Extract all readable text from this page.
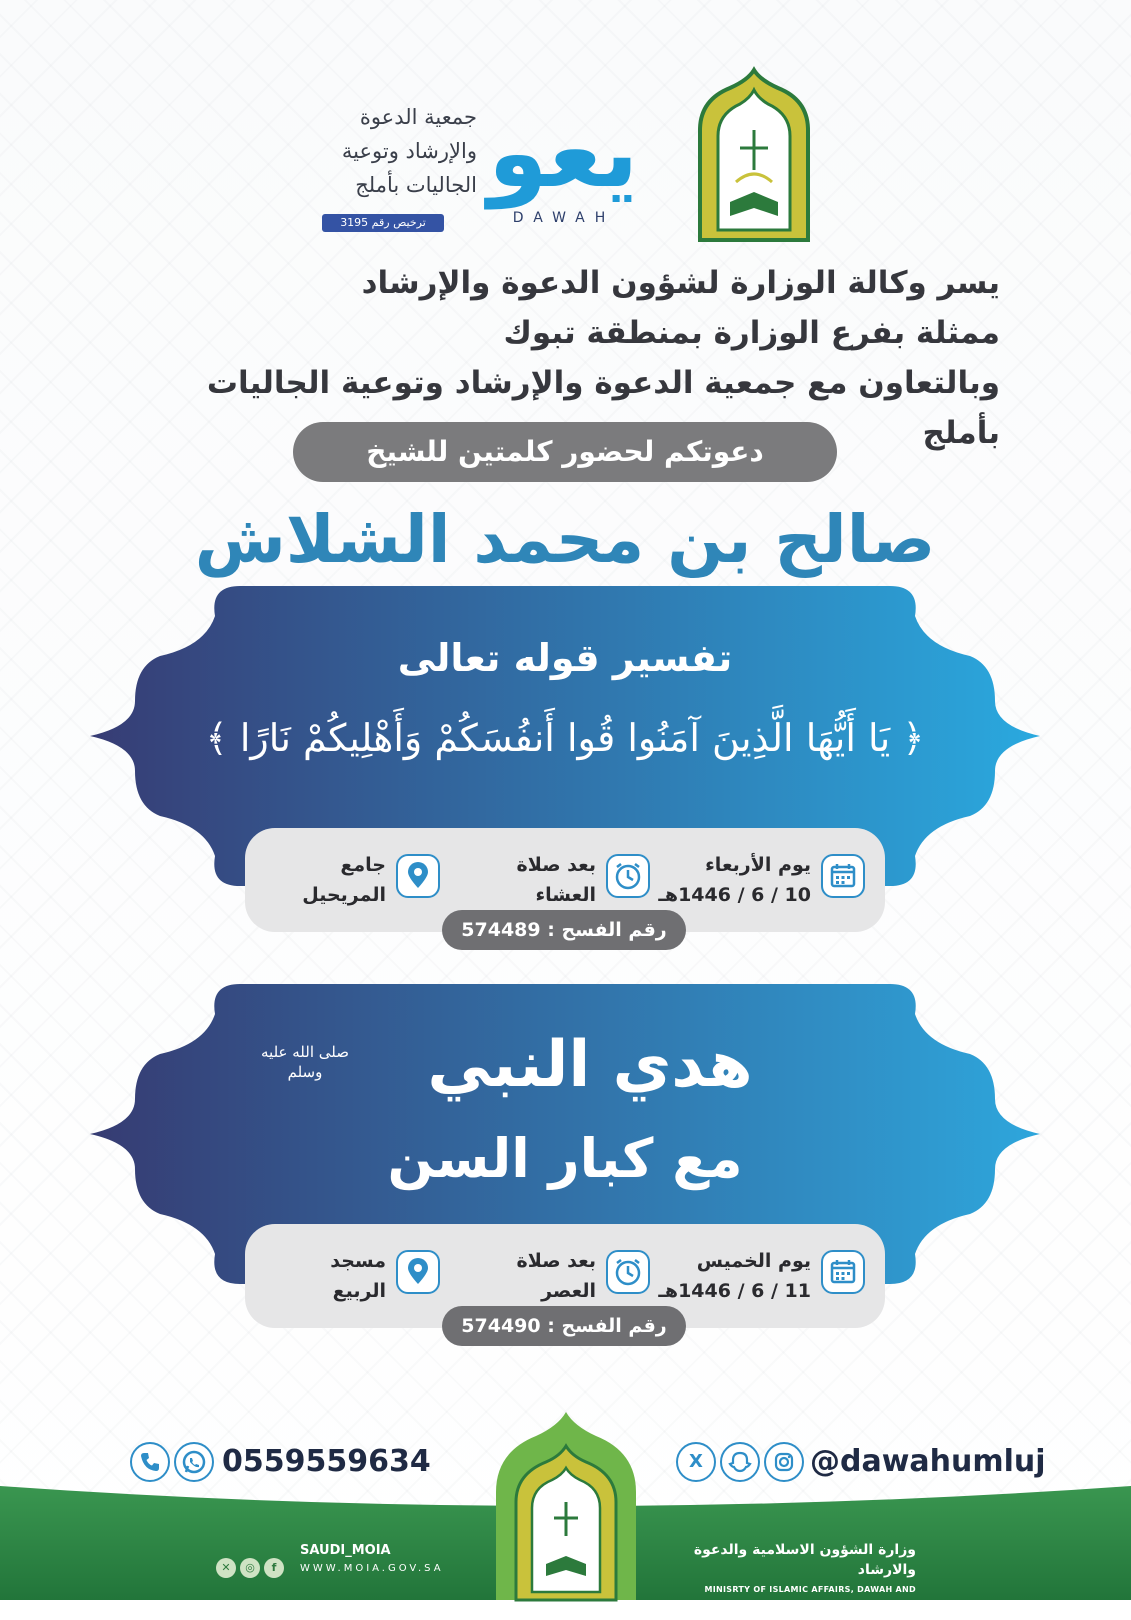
يعو
DAWAH
جمعية الدعوة
والإرشاد وتوعية
الجاليات بأملج
ترخيص رقم 3195
يسر وكالة الوزارة لشؤون الدعوة والإرشاد
ممثلة بفرع الوزارة بمنطقة تبوك
وبالتعاون مع جمعية الدعوة والإرشاد وتوعية الجاليات بأملج
دعوتكم لحضور كلمتين للشيخ
صالح بن محمد الشلاش
تفسير قوله تعالى
﴿ يَا أَيُّهَا الَّذِينَ آمَنُوا قُوا أَنفُسَكُمْ وَأَهْلِيكُمْ نَارًا ﴾
يوم الأربعاء
10 / 6 / 1446هـ
بعد صلاة
العشاء
جامع
المريحيل
رقم الفسح : 574489
هدي النبي
صلى الله عليه وسلم
مع كبار السن
يوم الخميس
11 / 6 / 1446هـ
بعد صلاة
العصر
مسجد
الربيع
رقم الفسح : 574490
0559559634	X	@dawahumluj
✕	◎	f
SAUDI_MOIA
WWW.MOIA.GOV.SA
وزارة الشؤون الاسلامية والدعوة والارشاد
MINISRTY OF ISLAMIC AFFAIRS, DAWAH AND GUIDANCE
